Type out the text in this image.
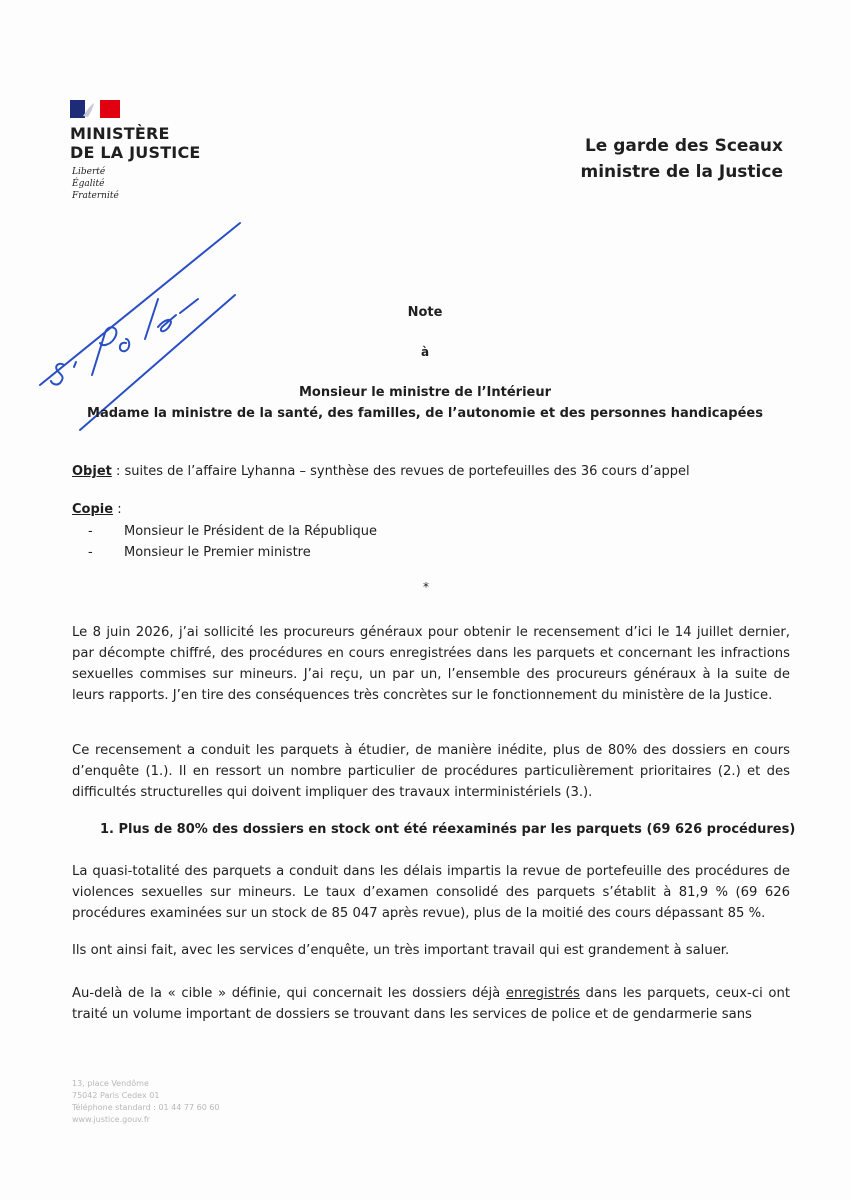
MINISTÈRE
DE LA JUSTICE
Liberté
Égalité
Fraternité
Le garde des Sceaux
ministre de la Justice
Note
à
Monsieur le ministre de l’Intérieur
Madame la ministre de la santé, des familles, de l’autonomie et des personnes handicapées
Objet : suites de l’affaire Lyhanna – synthèse des revues de portefeuilles des 36 cours d’appel
Copie :
- Monsieur le Président de la République
- Monsieur le Premier ministre
*
Le 8 juin 2026, j’ai sollicité les procureurs généraux pour obtenir le recensement d’ici le 14 juillet dernier, par décompte chiffré, des procédures en cours enregistrées dans les parquets et concernant les infractions sexuelles commises sur mineurs. J’ai reçu, un par un, l’ensemble des procureurs généraux à la suite de leurs rapports. J’en tire des conséquences très concrètes sur le fonctionnement du ministère de la Justice.
Ce recensement a conduit les parquets à étudier, de manière inédite, plus de 80% des dossiers en cours d’enquête (1.). Il en ressort un nombre particulier de procédures particulièrement prioritaires (2.) et des difficultés structurelles qui doivent impliquer des travaux interministériels (3.).
1. Plus de 80% des dossiers en stock ont été réexaminés par les parquets (69 626 procédures)
La quasi-totalité des parquets a conduit dans les délais impartis la revue de portefeuille des procédures de violences sexuelles sur mineurs. Le taux d’examen consolidé des parquets s’établit à 81,9 % (69 626 procédures examinées sur un stock de 85 047 après revue), plus de la moitié des cours dépassant 85 %.
Ils ont ainsi fait, avec les services d’enquête, un très important travail qui est grandement à saluer.
Au-delà de la « cible » définie, qui concernait les dossiers déjà enregistrés dans les parquets, ceux-ci ont traité un volume important de dossiers se trouvant dans les services de police et de gendarmerie sans
13, place Vendôme
75042 Paris Cedex 01
Téléphone standard : 01 44 77 60 60
www.justice.gouv.fr
